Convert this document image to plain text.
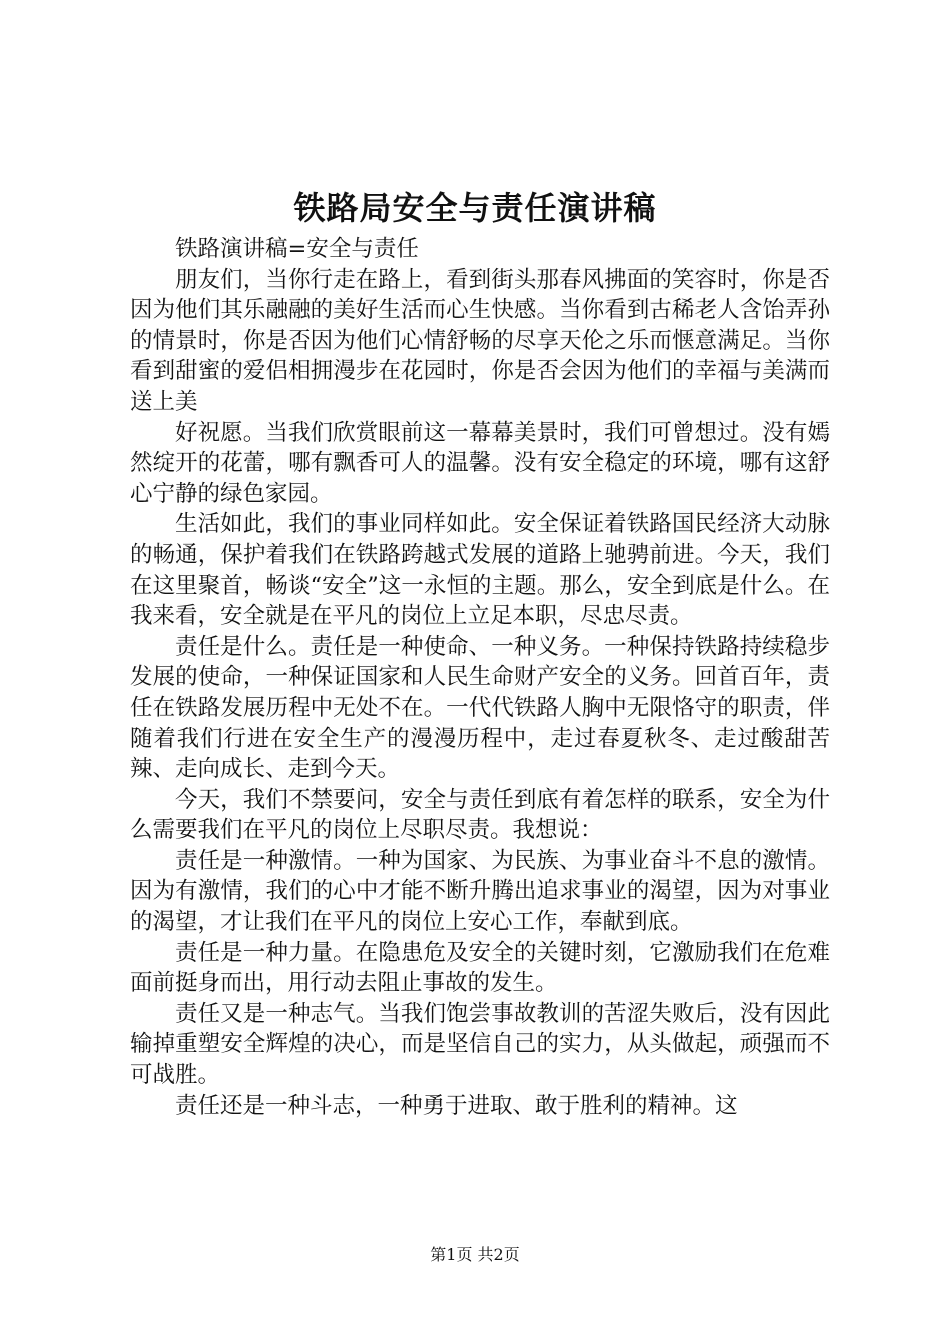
铁路局安全与责任演讲稿

铁路演讲稿=安全与责任

朋友们，当你行走在路上，看到街头那春风拂面的笑容时，你是否因为他们其乐融融的美好生活而心生快感。当你看到古稀老人含饴弄孙的情景时，你是否因为他们心情舒畅的尽享天伦之乐而惬意满足。当你看到甜蜜的爱侣相拥漫步在花园时，你是否会因为他们的幸福与美满而送上美

好祝愿。当我们欣赏眼前这一幕幕美景时，我们可曾想过。没有嫣然绽开的花蕾，哪有飘香可人的温馨。没有安全稳定的环境，哪有这舒心宁静的绿色家园。

生活如此，我们的事业同样如此。安全保证着铁路国民经济大动脉的畅通，保护着我们在铁路跨越式发展的道路上驰骋前进。今天，我们在这里聚首，畅谈“安全”这一永恒的主题。那么，安全到底是什么。在我来看，安全就是在平凡的岗位上立足本职，尽忠尽责。

责任是什么。责任是一种使命、一种义务。一种保持铁路持续稳步发展的使命，一种保证国家和人民生命财产安全的义务。回首百年，责任在铁路发展历程中无处不在。一代代铁路人胸中无限恪守的职责，伴随着我们行进在安全生产的漫漫历程中，走过春夏秋冬、走过酸甜苦辣、走向成长、走到今天。

今天，我们不禁要问，安全与责任到底有着怎样的联系，安全为什么需要我们在平凡的岗位上尽职尽责。我想说：

责任是一种激情。一种为国家、为民族、为事业奋斗不息的激情。因为有激情，我们的心中才能不断升腾出追求事业的渴望，因为对事业的渴望，才让我们在平凡的岗位上安心工作，奉献到底。

责任是一种力量。在隐患危及安全的关键时刻，它激励我们在危难面前挺身而出，用行动去阻止事故的发生。

责任又是一种志气。当我们饱尝事故教训的苦涩失败后，没有因此输掉重塑安全辉煌的决心，而是坚信自己的实力，从头做起，顽强而不可战胜。

责任还是一种斗志，一种勇于进取、敢于胜利的精神。这

第1页 共2页
